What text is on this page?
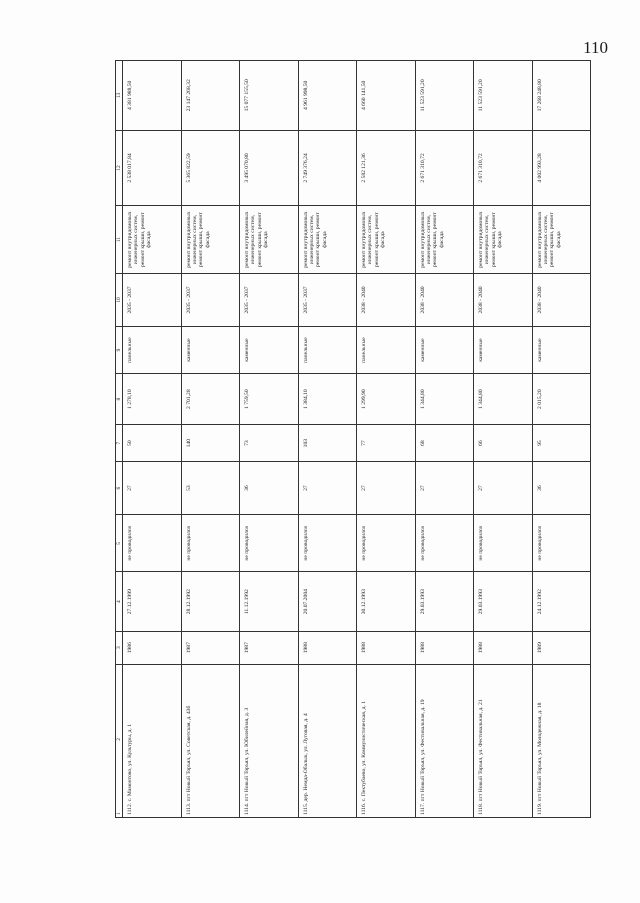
110
1
2	3	4	5	6	7	8	9	10	11	12	13
1112. с. Мамонтово, ул. Культуры, д. 1	1986	27.12.1999	не проводился	27	50	1 278,10	панельные	2035 - 2037	ремонт внутридомовых инженерных систем, ремонт крыши, ремонт фасада	2 538 017,84	4 381 988,50
1113. пгт Новый Торъял, ул. Советская, д. 43б	1987	28.12.1992	не проводился	53	140	2 701,28	каменные	2035 - 2037	ремонт внутридомовых инженерных систем, ремонт крыши, ремонт фасада	5 365 822,59	23 147 268,32
1114. пгт Новый Торъял, ул. Юбилейная, д. 3	1987	11.12.1992	не проводился	36	73	1 759,50	каменные	2035 - 2037	ремонт внутридомовых инженерных систем, ремонт крыши, ремонт фасада	3 495 070,80	15 077 155,50
1115. дер. Немда-Обалык, ул. Луговая, д. 4	1988	20.07.2004	не проводился	27	103	1 384,10	панельные	2035 - 2037	ремонт внутридомовых инженерных систем, ремонт крыши, ремонт фасада	2 749 376,24	4 961 998,50
1116. с. Пектубаево, ул. Коммунистическая, д. 1	1988	30.12.1993	не проводился	27	77	1 299,90	панельные	2038 - 2040	ремонт внутридомовых инженерных систем, ремонт крыши, ремонт фасада	2 582 121,36	4 660 141,50
1117. пгт Новый Торъял, ул. Фестивальная, д. 19	1988	29.03.1993	не проводился	27	68	1 344,80	каменные	2038 - 2040	ремонт внутридомовых инженерных систем, ремонт крыши, ремонт фасада	2 671 310,72	11 523 591,20
1118. пгт Новый Торъял, ул. Фестивальная, д. 21	1988	29.03.1993	не проводился	27	66	1 344,80	каменные	2038 - 2040	ремонт внутридомовых инженерных систем, ремонт крыши, ремонт фасада	2 671 310,72	11 523 591,20
1119. пгт Новый Торъял, ул. Молодежная, д. 18	1989	24.12.1992	не проводился	36	95	2 015,20	каменные	2038 - 2040	ремонт внутридомовых инженерных систем, ремонт крыши, ремонт фасада	4 002 993,28	17 268 248,80
